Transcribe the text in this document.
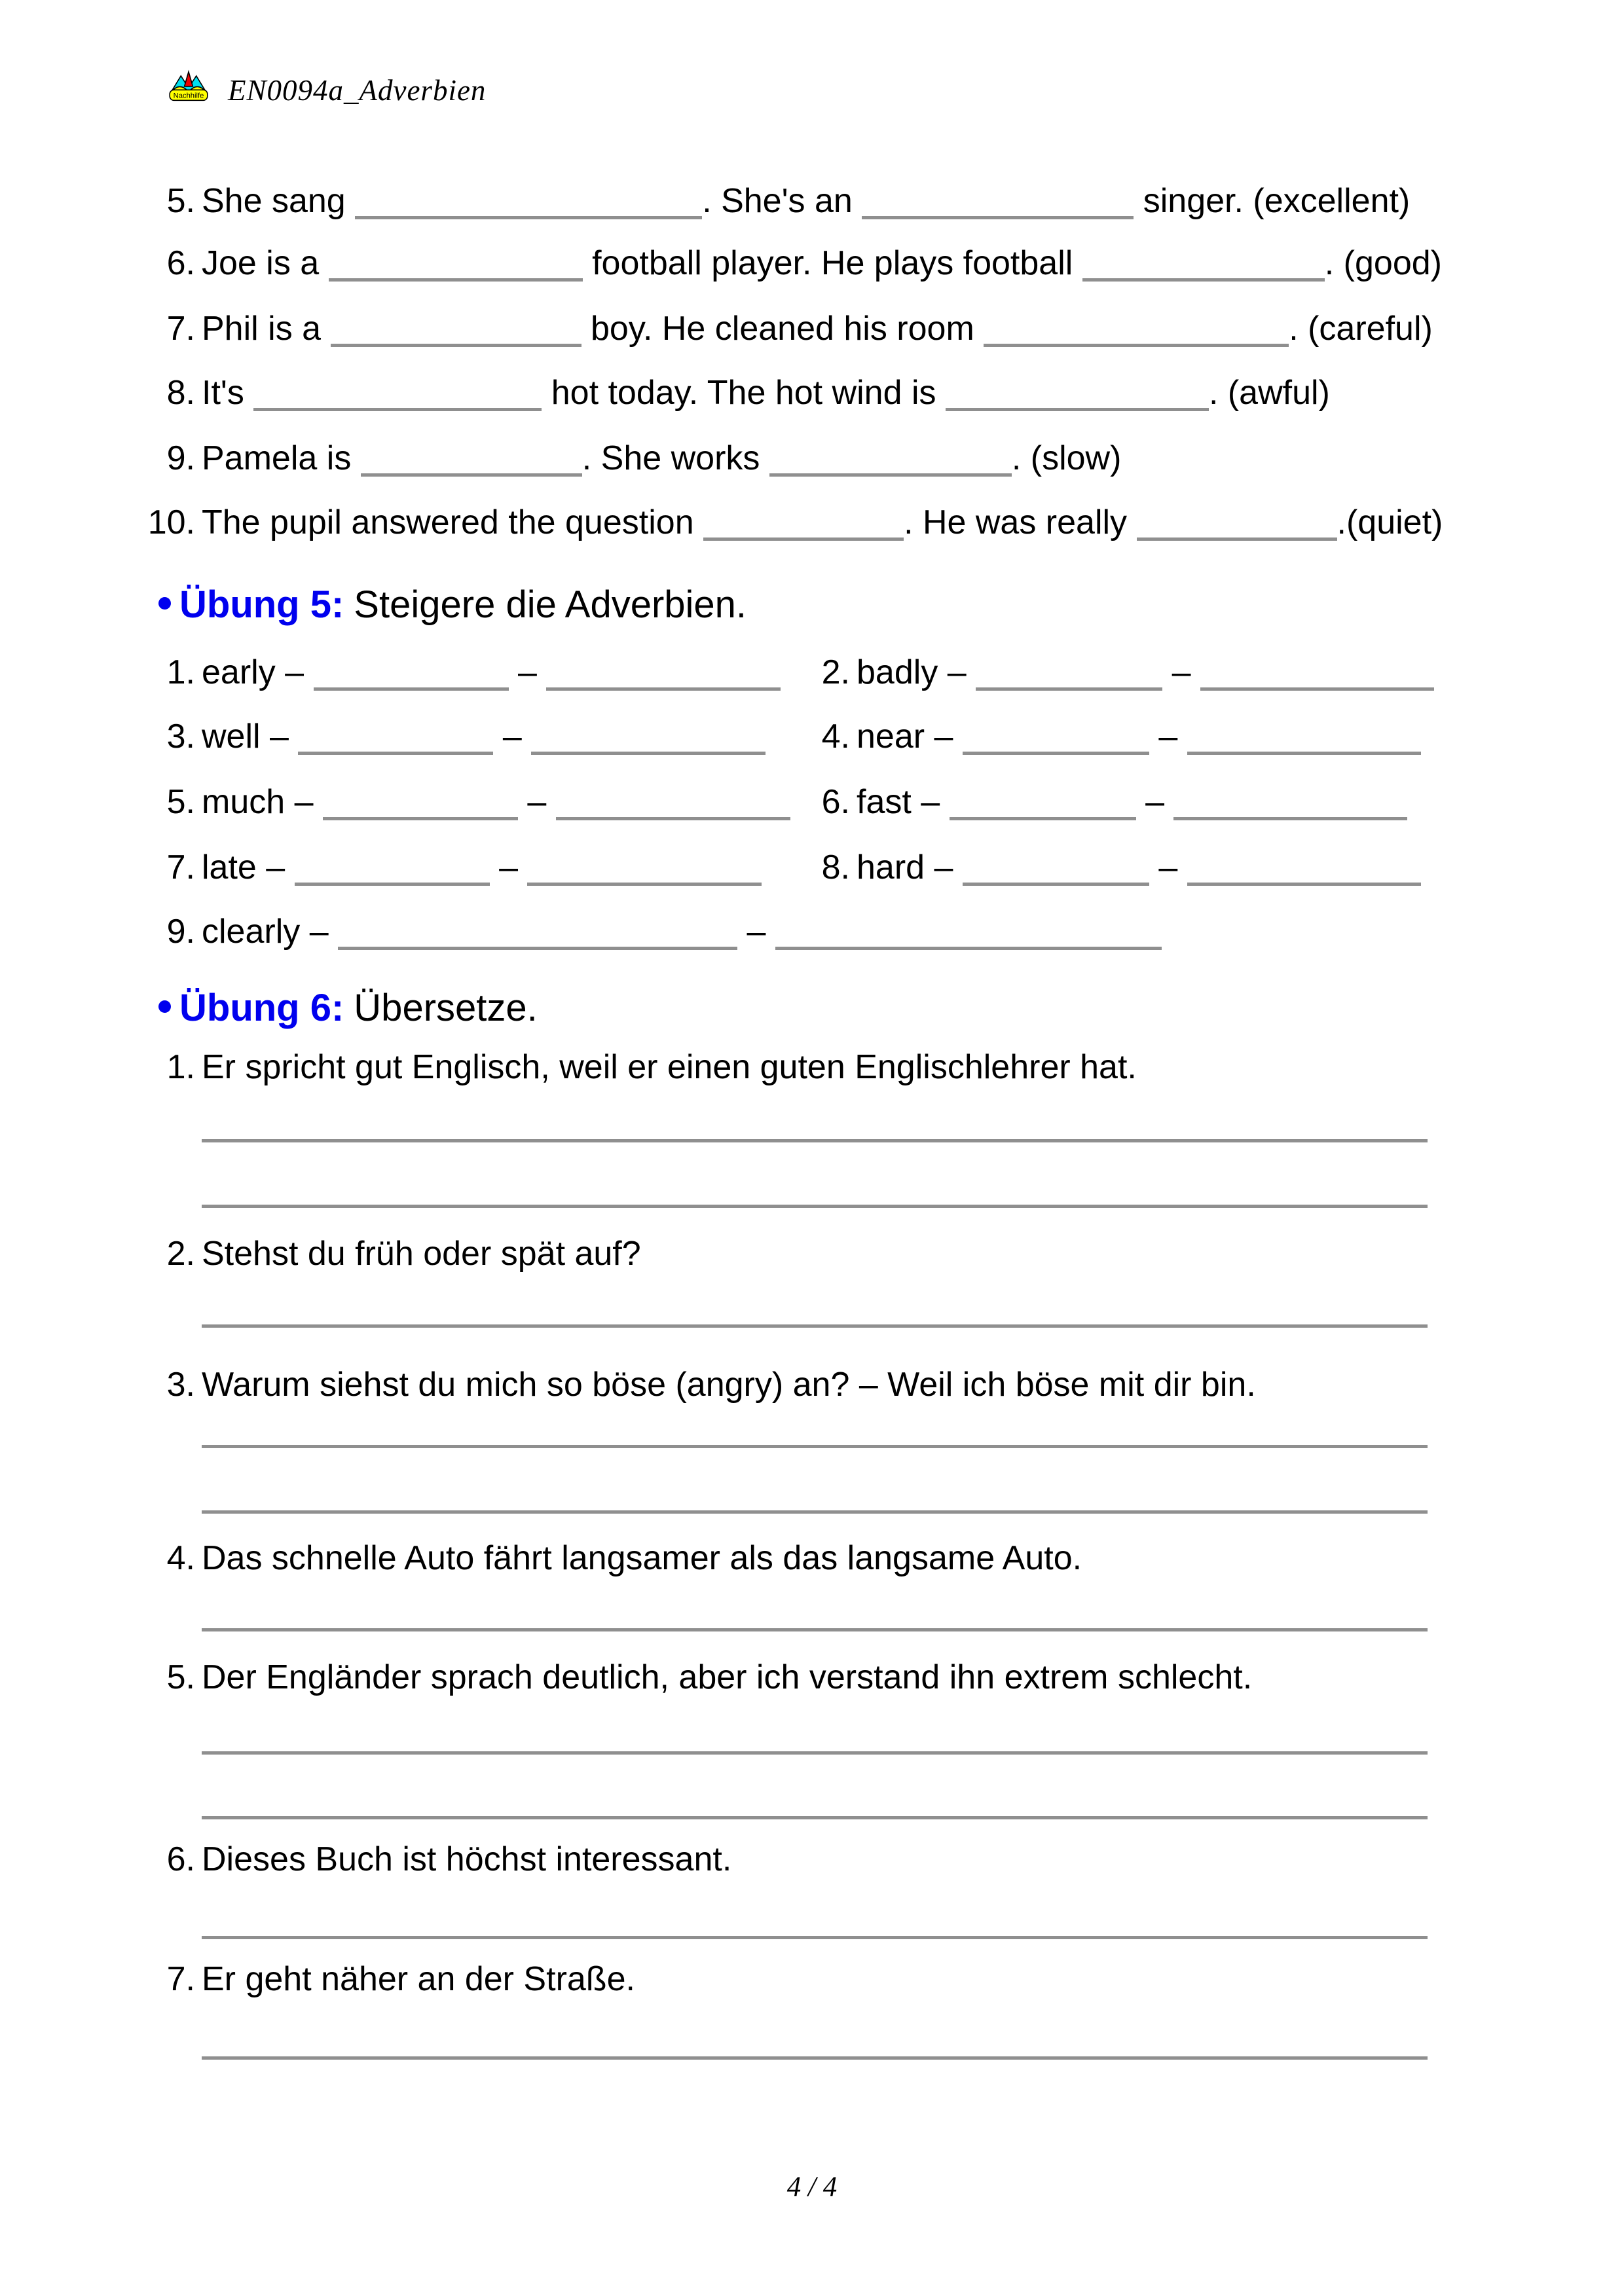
Nachhilfe EN0094a_Adverbien
5. She sang	. She's an	singer. (excellent)
6. Joe is a	football player. He plays football	. (good)
7. Phil is a	boy. He cleaned his room	. (careful)
8. It's	hot today. The hot wind is	. (awful)
9. Pamela is	. She works	. (slow)
10. The pupil answered the question	. He was really	.(quiet)
Übung 5: Steigere die Adverbien.
1. early –	–	2. badly –	–
3. well –	–	4. near –	–
5. much –	–	6. fast –	–
7. late –	–	8. hard –	–
9. clearly –	–
Übung 6: Übersetze.
1. Er spricht gut Englisch, weil er einen guten Englischlehrer hat.
2. Stehst du früh oder spät auf?
3. Warum siehst du mich so böse (angry) an? – Weil ich böse mit dir bin.
4. Das schnelle Auto fährt langsamer als das langsame Auto.
5. Der Engländer sprach deutlich, aber ich verstand ihn extrem schlecht.
6. Dieses Buch ist höchst interessant.
7. Er geht näher an der Straße.
4 / 4
